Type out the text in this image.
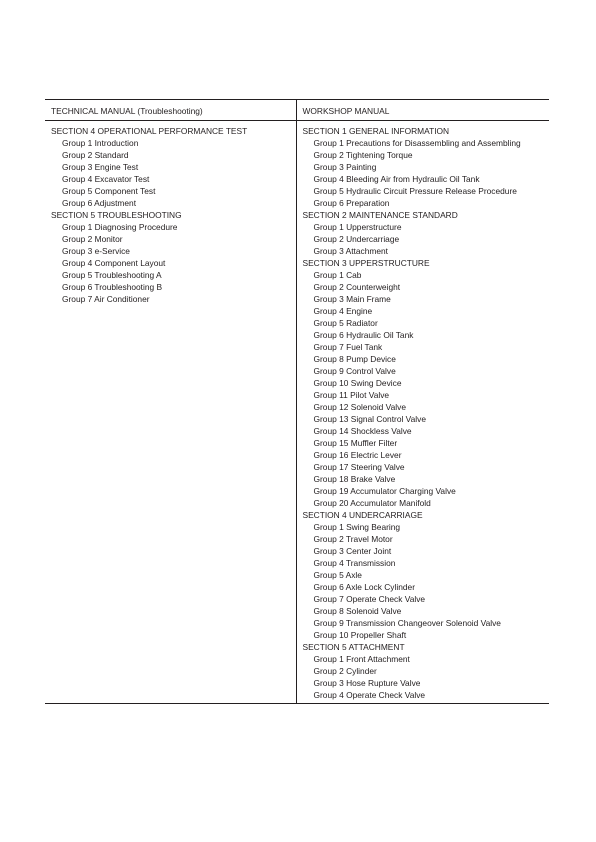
TECHNICAL MANUAL (Troubleshooting)
SECTION 4 OPERATIONAL PERFORMANCE TEST
Group 1 Introduction
Group 2 Standard
Group 3 Engine Test
Group 4 Excavator Test
Group 5 Component Test
Group 6 Adjustment
SECTION 5 TROUBLESHOOTING
Group 1 Diagnosing Procedure
Group 2 Monitor
Group 3 e-Service
Group 4 Component Layout
Group 5 Troubleshooting A
Group 6 Troubleshooting B
Group 7 Air Conditioner
WORKSHOP MANUAL
SECTION 1 GENERAL INFORMATION
Group 1 Precautions for Disassembling and Assembling
Group 2 Tightening Torque
Group 3 Painting
Group 4 Bleeding Air from Hydraulic Oil Tank
Group 5 Hydraulic Circuit Pressure Release Procedure
Group 6 Preparation
SECTION 2 MAINTENANCE STANDARD
Group 1 Upperstructure
Group 2 Undercarriage
Group 3 Attachment
SECTION 3 UPPERSTRUCTURE
Group 1 Cab
Group 2 Counterweight
Group 3 Main Frame
Group 4 Engine
Group 5 Radiator
Group 6 Hydraulic Oil Tank
Group 7 Fuel Tank
Group 8 Pump Device
Group 9 Control Valve
Group 10 Swing Device
Group 11 Pilot Valve
Group 12 Solenoid Valve
Group 13 Signal Control Valve
Group 14 Shockless Valve
Group 15 Muffler Filter
Group 16 Electric Lever
Group 17 Steering Valve
Group 18 Brake Valve
Group 19 Accumulator Charging Valve
Group 20 Accumulator Manifold
SECTION 4 UNDERCARRIAGE
Group 1 Swing Bearing
Group 2 Travel Motor
Group 3 Center Joint
Group 4 Transmission
Group 5 Axle
Group 6 Axle Lock Cylinder
Group 7 Operate Check Valve
Group 8 Solenoid Valve
Group 9 Transmission Changeover Solenoid Valve
Group 10 Propeller Shaft
SECTION 5 ATTACHMENT
Group 1 Front Attachment
Group 2 Cylinder
Group 3 Hose Rupture Valve
Group 4 Operate Check Valve
